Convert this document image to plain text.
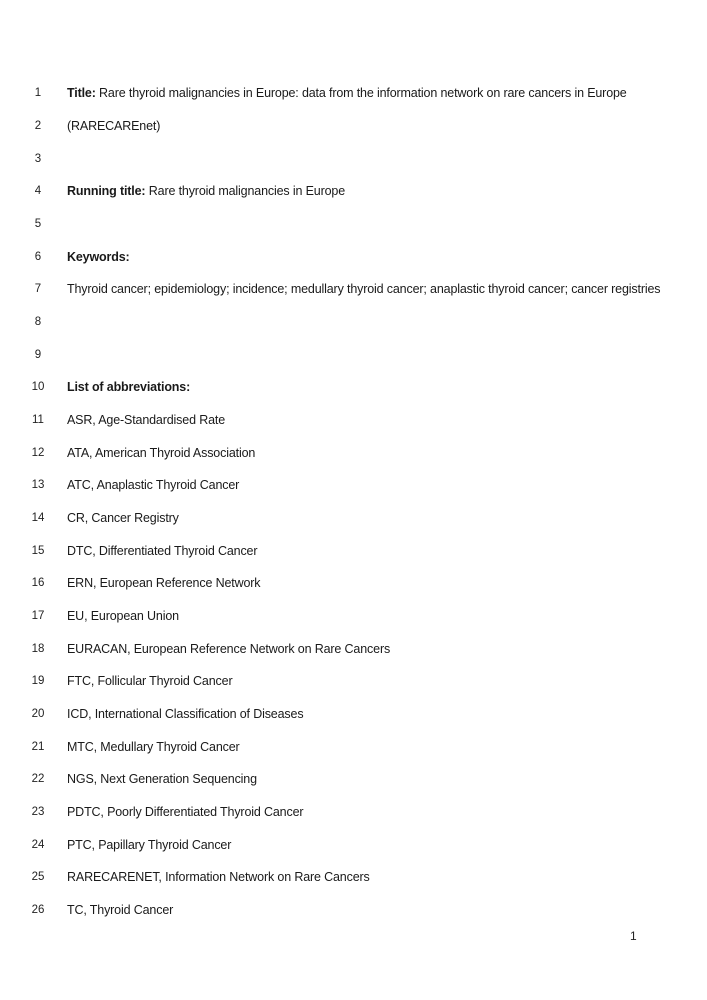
1	Title: Rare thyroid malignancies in Europe: data from the information network on rare cancers in Europe
2	(RARECAREnet)
3
4	Running title: Rare thyroid malignancies in Europe
5
6	Keywords:
7	Thyroid cancer; epidemiology; incidence; medullary thyroid cancer; anaplastic thyroid cancer; cancer registries
8
9
10 List of abbreviations:
11	ASR, Age-Standardised Rate
12 ATA, American Thyroid Association
13 ATC, Anaplastic Thyroid Cancer
14 CR, Cancer Registry
15 DTC, Differentiated Thyroid Cancer
16 ERN, European Reference Network
17 EU, European Union
18 EURACAN, European Reference Network on Rare Cancers
19 FTC, Follicular Thyroid Cancer
20 ICD, International Classification of Diseases
21 MTC, Medullary Thyroid Cancer
22 NGS, Next Generation Sequencing
23 PDTC, Poorly Differentiated Thyroid Cancer
24 PTC, Papillary Thyroid Cancer
25 RARECARENET, Information Network on Rare Cancers
26 TC, Thyroid Cancer
1
